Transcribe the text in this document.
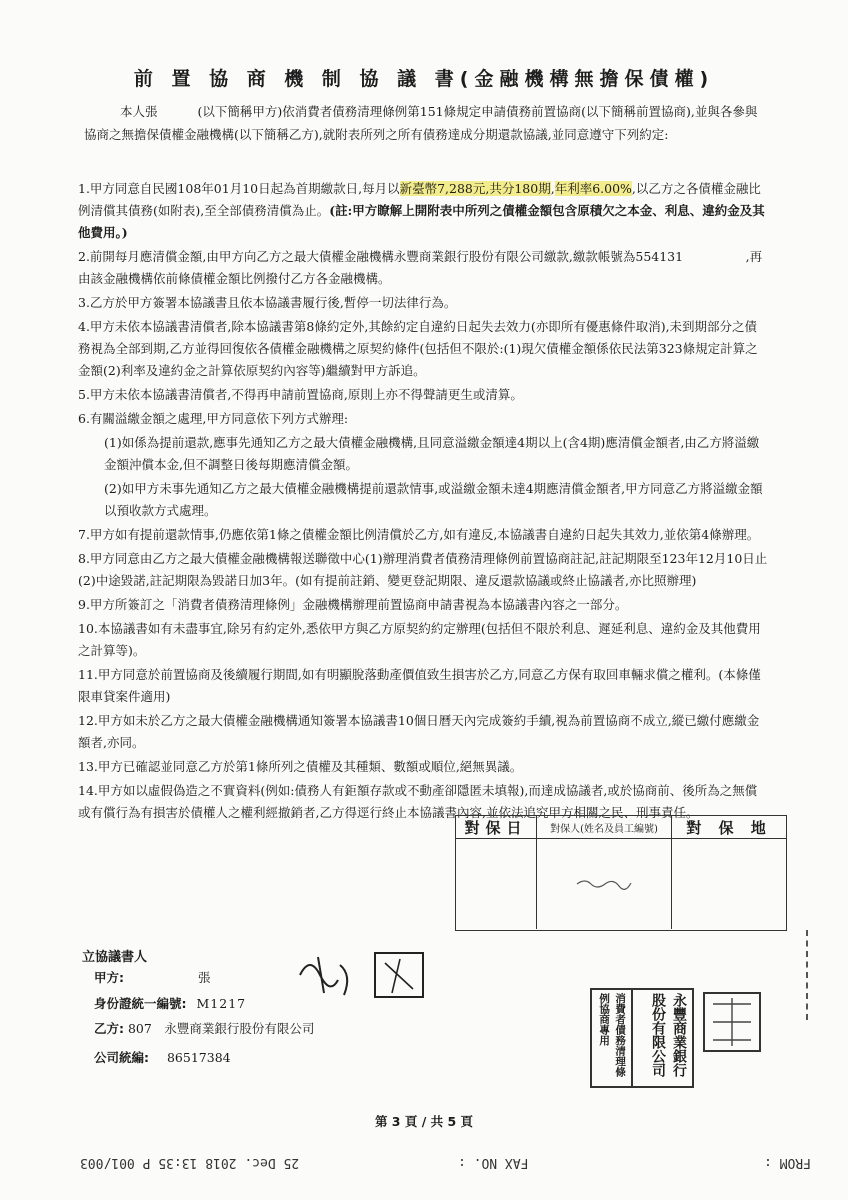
前 置 協 商 機 制 協 議 書(金融機構無擔保債權)
本人張	(以下簡稱甲方)依消費者債務清理條例第151條規定申請債務前置協商(以下簡稱前置協商),並與各參與協商之無擔保債權金融機構(以下簡稱乙方),就附表所列之所有債務達成分期還款協議,並同意遵守下列約定:
1.甲方同意自民國108年01月10日起為首期繳款日,每月以新臺幣7,288元,共分180期,年利率6.00%,以乙方之各債權金融比例清償其債務(如附表),至全部債務清償為止。(註:甲方瞭解上開附表中所列之債權金額包含原積欠之本金、利息、違約金及其他費用。)
2.前開每月應清償金額,由甲方向乙方之最大債權金融機構永豐商業銀行股份有限公司繳款,繳款帳號為554131　　　　　,再由該金融機構依前條債權金額比例撥付乙方各金融機構。
3.乙方於甲方簽署本協議書且依本協議書履行後,暫停一切法律行為。
4.甲方未依本協議書清償者,除本協議書第8條約定外,其餘約定自違約日起失去效力(亦即所有優惠條件取消),未到期部分之債務視為全部到期,乙方並得回復依各債權金融機構之原契約條件(包括但不限於:(1)現欠債權金額係依民法第323條規定計算之金額(2)利率及違約金之計算依原契約內容等)繼續對甲方訴追。
5.甲方未依本協議書清償者,不得再申請前置協商,原則上亦不得聲請更生或清算。
6.有關溢繳金額之處理,甲方同意依下列方式辦理:
(1)如係為提前還款,應事先通知乙方之最大債權金融機構,且同意溢繳金額達4期以上(含4期)應清償金額者,由乙方將溢繳金額沖償本金,但不調整日後每期應清償金額。
(2)如甲方未事先通知乙方之最大債權金融機構提前還款情事,或溢繳金額未達4期應清償金額者,甲方同意乙方將溢繳金額以預收款方式處理。
7.甲方如有提前還款情事,仍應依第1條之債權金額比例清償於乙方,如有違反,本協議書自違約日起失其效力,並依第4條辦理。
8.甲方同意由乙方之最大債權金融機構報送聯徵中心(1)辦理消費者債務清理條例前置協商註記,註記期限至123年12月10日止(2)中途毀諾,註記期限為毀諾日加3年。(如有提前註銷、變更登記期限、違反還款協議或終止協議者,亦比照辦理)
9.甲方所簽訂之「消費者債務清理條例」金融機構辦理前置協商申請書視為本協議書內容之一部分。
10.本協議書如有未盡事宜,除另有約定外,悉依甲方與乙方原契約約定辦理(包括但不限於利息、遲延利息、違約金及其他費用之計算等)。
11.甲方同意於前置協商及後續履行期間,如有明顯脫落動產價值致生損害於乙方,同意乙方保有取回車輛求償之權利。(本條僅限車貸案件適用)
12.甲方如未於乙方之最大債權金融機構通知簽署本協議書10個日曆天內完成簽約手續,視為前置協商不成立,縱已繳付應繳金額者,亦同。
13.甲方已確認並同意乙方於第1條所列之債權及其種類、數額或順位,絕無異議。
14.甲方如以虛假偽造之不實資料(例如:債務人有鉅額存款或不動產卻隱匿未填報),而達成協議者,或於協商前、後所為之無償或有償行為有損害於債權人之權利經撤銷者,乙方得逕行終止本協議書內容,並依法追究甲方相關之民、刑事責任。
對保日	對保人(姓名及員工編號)	對 保 地
立協議書人
甲方:	張
身份證統一編號: M1217
乙方: 807　永豐商業銀行股份有限公司
公司統編: 86517384	消費者債務清理條例協商專用	永豐商業銀行股份有限公司
第 3 頁 / 共 5 頁
25 Dec. 2018 13:35 P 001/003	FAX NO. :	FROM :
